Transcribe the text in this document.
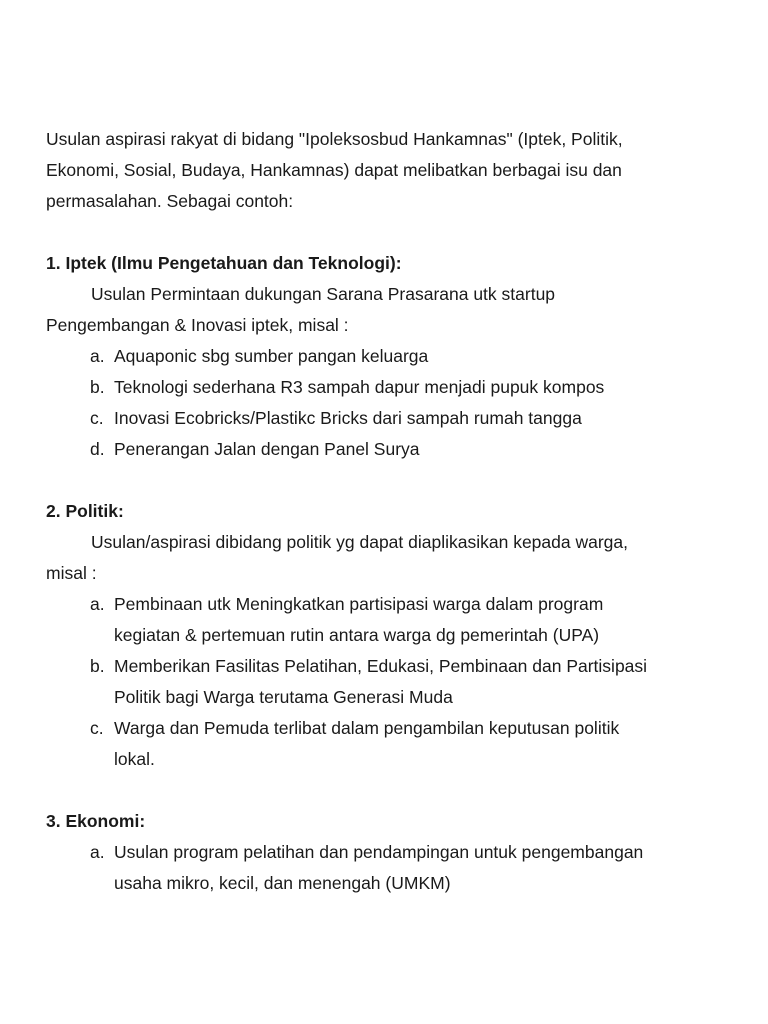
Usulan aspirasi rakyat di bidang "Ipoleksosbud Hankamnas" (Iptek, Politik,
Ekonomi, Sosial, Budaya, Hankamnas) dapat melibatkan berbagai isu dan
permasalahan. Sebagai contoh:
1. Iptek (Ilmu Pengetahuan dan Teknologi):
Usulan Permintaan dukungan Sarana Prasarana utk startup
Pengembangan & Inovasi iptek, misal :
a. Aquaponic sbg sumber pangan keluarga
b. Teknologi sederhana R3 sampah dapur menjadi pupuk kompos
c. Inovasi Ecobricks/Plastikc Bricks dari sampah rumah tangga
d. Penerangan Jalan dengan Panel Surya
2. Politik:
Usulan/aspirasi dibidang politik yg dapat diaplikasikan kepada warga,
misal :
a. Pembinaan utk Meningkatkan partisipasi warga dalam program
kegiatan & pertemuan rutin antara warga dg pemerintah (UPA)
b. Memberikan Fasilitas Pelatihan, Edukasi, Pembinaan dan Partisipasi
Politik bagi Warga terutama Generasi Muda
c. Warga dan Pemuda terlibat dalam pengambilan keputusan politik
lokal.
3. Ekonomi:
a. Usulan program pelatihan dan pendampingan untuk pengembangan
usaha mikro, kecil, dan menengah (UMKM)
